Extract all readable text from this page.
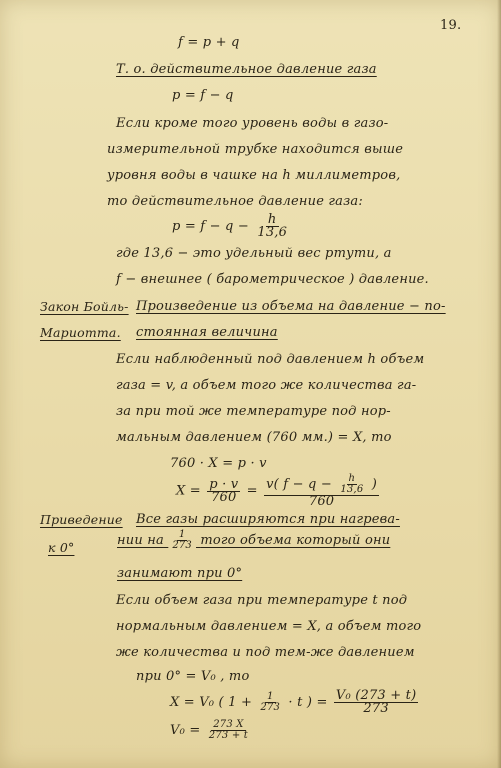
19.
f = p + q
Т. о. действительное давление газа
p = f − q
Если кроме того уровень воды в газо-
измерительной трубке находится выше
уровня воды в чашке на h миллиметров,
то действительное давление газа:
$p = f - q - \frac{h}{13,6}$
где 13,6 − это удельный вес ртути, а
f − внешнее ( барометрическое ) давление.
Закон Бойль-
Мариотта.
Произведение из объема на давление − по-
стоянная величина
Если наблюденный под давлением h объем
газа = v, а объем того же количества га-
за при той же температуре под нор-
мальным давлением (760 мм.) = X, то
760 · X = p · v
$X = \frac{p \cdot v}{760} = v$( $f - q - \frac{h}{13,6}$ )
760
Приведение
к 0°
Все газы расширяются при нагрева-
нии на $\frac{1}{273}$ того объема который они
занимают при 0°
Если объем газа при температуре t под
нормальным давлением = X, а объем того
же количества и под тем-же давлением
при 0° = V₀ , то
X = V₀ ( $1 + \frac{1}{273} \cdot t$ ) = $\frac{\text{V₀ (273 + t)}}{273}$
$V_0 = \frac{273 X}{273 + t}$
